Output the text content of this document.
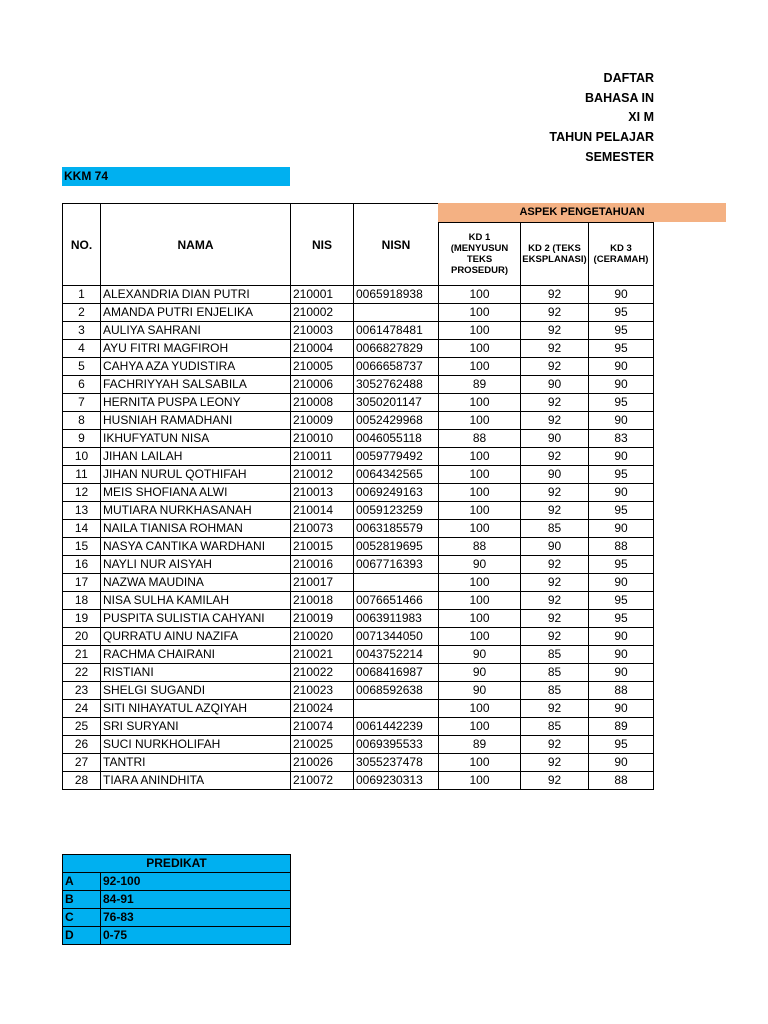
DAFTAR
BAHASA IN
XI M
TAHUN PELAJAR
SEMESTER
KKM 74
NO.	NAMA	NIS	NISN			
				KD 1 (MENYUSUN TEKS PROSEDUR)	KD 2 (TEKS EKSPLANASI)	KD 3 (CERAMAH)
1	ALEXANDRIA DIAN PUTRI	210001	0065918938	100	92	90
2	AMANDA PUTRI ENJELIKA	210002		100	92	95
3	AULIYA SAHRANI	210003	0061478481	100	92	95
4	AYU FITRI MAGFIROH	210004	0066827829	100	92	95
5	CAHYA AZA YUDISTIRA	210005	0066658737	100	92	90
6	FACHRIYYAH SALSABILA	210006	3052762488	89	90	90
7	HERNITA PUSPA LEONY	210008	3050201147	100	92	95
8	HUSNIAH RAMADHANI	210009	0052429968	100	92	90
9	IKHUFYATUN NISA	210010	0046055118	88	90	83
10	JIHAN LAILAH	210011	0059779492	100	92	90
11	JIHAN NURUL QOTHIFAH	210012	0064342565	100	90	95
12	MEIS SHOFIANA ALWI	210013	0069249163	100	92	90
13	MUTIARA NURKHASANAH	210014	0059123259	100	92	95
14	NAILA TIANISA ROHMAN	210073	0063185579	100	85	90
15	NASYA CANTIKA WARDHANI	210015	0052819695	88	90	88
16	NAYLI NUR AISYAH	210016	0067716393	90	92	95
17	NAZWA MAUDINA	210017		100	92	90
18	NISA SULHA KAMILAH	210018	0076651466	100	92	95
19	PUSPITA SULISTIA CAHYANI	210019	0063911983	100	92	95
20	QURRATU AINU NAZIFA	210020	0071344050	100	92	90
21	RACHMA CHAIRANI	210021	0043752214	90	85	90
22	RISTIANI	210022	0068416987	90	85	90
23	SHELGI SUGANDI	210023	0068592638	90	85	88
24	SITI NIHAYATUL AZQIYAH	210024		100	92	90
25	SRI SURYANI	210074	0061442239	100	85	89
26	SUCI NURKHOLIFAH	210025	0069395533	89	92	95
27	TANTRI	210026	3055237478	100	92	90
28	TIARA ANINDHITA	210072	0069230313	100	92	88
ASPEK PENGETAHUAN
PREDIKAT	
A	92-100
B	84-91
C	76-83
D	0-75
